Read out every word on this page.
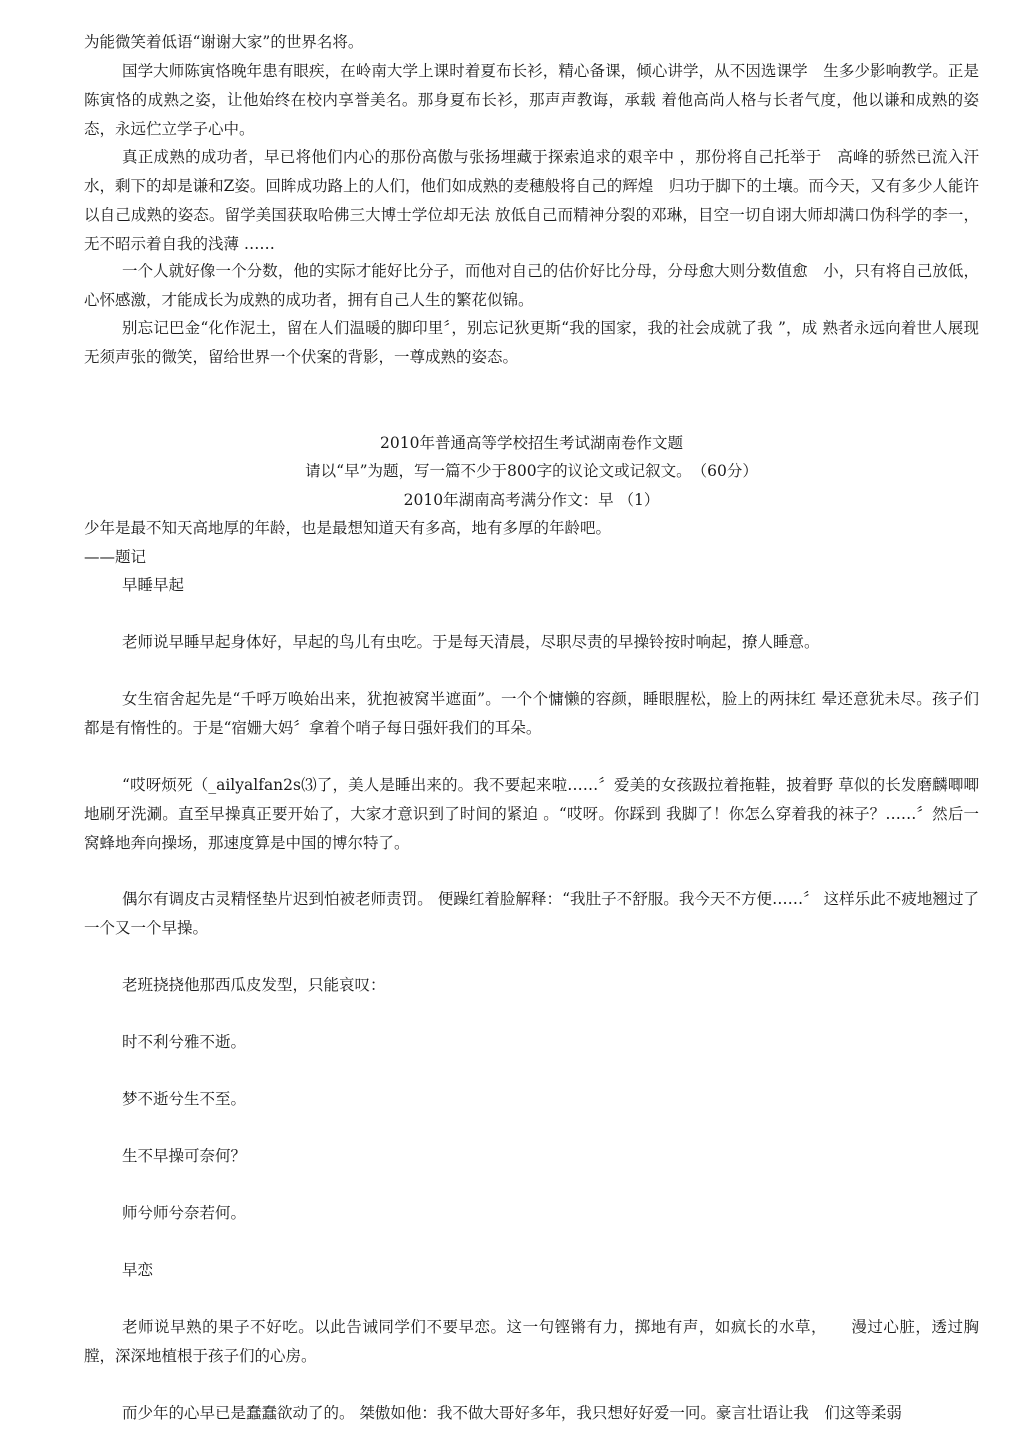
为能微笑着低语“谢谢大家”的世界名将。

国学大师陈寅恪晚年患有眼疾，在岭南大学上课时着夏布长衫，精心备课，倾心讲学，从不因选课学　生多少影响教学。正是陈寅恪的成熟之姿，让他始终在校内享誉美名。那身夏布长衫，那声声教诲，承载 着他高尚人格与长者气度，他以谦和成熟的姿态，永远伫立学子心中。

真正成熟的成功者，早已将他们内心的那份高傲与张扬埋藏于探索追求的艰辛中 ，那份将自己托举于　高峰的骄然已流入汗水，剩下的却是谦和Z姿。回眸成功路上的人们，他们如成熟的麦穗般将自己的辉煌　归功于脚下的土壤。而今天，又有多少人能许以自己成熟的姿态。留学美国获取哈佛三大博士学位却无法 放低自己而精神分裂的邓琳，目空一切自诩大师却满口伪科学的李一，无不昭示着自我的浅薄 ……

一个人就好像一个分数，他的实际才能好比分子，而他对自己的估价好比分母，分母愈大则分数值愈　小，只有将自己放低，心怀感激，才能成长为成熟的成功者，拥有自己人生的繁花似锦。

别忘记巴金“化作泥土，留在人们温暖的脚印里〞，别忘记狄更斯“我的国家，我的社会成就了我 ”，成 熟者永远向着世人展现无须声张的微笑，留给世界一个伏案的背影，一尊成熟的姿态。

2010年普通高等学校招生考试湖南卷作文题

请以“早”为题，写一篇不少于800字的议论文或记叙文。　（60分）

2010年湖南高考满分作文：早 （1）

少年是最不知天高地厚的年龄，也是最想知道天有多高，地有多厚的年龄吧。

——题记

早睡早起

老师说早睡早起身体好，早起的鸟儿有虫吃。于是每天清晨，尽职尽责的早操铃按时响起，撩人睡意。

女生宿舍起先是“千呼万唤始出来，犹抱被窝半遮面”。一个个慵懒的容颜，睡眼腥松，脸上的两抹红 晕还意犹未尽。孩子们都是有惰性的。于是“宿姗大妈〞拿着个哨子每日强奸我们的耳朵。

“哎呀烦死（_ailyalfan2s⑶了，美人是睡出来的。我不要起来啦……〞爱美的女孩趿拉着拖鞋，披着野 草似的长发磨麟唧唧地刷牙洗涮。直至早操真正要开始了，大家才意识到了时间的紧迫 。“哎呀。你踩到 我脚了！你怎么穿着我的袜子？……〞然后一窝蜂地奔向操场，那速度算是中国的博尔特了。

偶尔有调皮古灵精怪垫片迟到怕被老师责罚。 便躁红着脸解释：“我肚子不舒服。我今天不方便……〞 这样乐此不疲地翘过了一个又一个早操。

老班挠挠他那西瓜皮发型，只能哀叹：

时不利兮雅不逝。

梦不逝兮生不至。

生不早操可奈何？

师兮师兮奈若何。

早恋

老师说早熟的果子不好吃。以此告诫同学们不要早恋。这一句铿锵有力，掷地有声，如疯长的水草，　　漫过心脏，透过胸膛，深深地植根于孩子们的心房。

而少年的心早已是蠢蠢欲动了的。 桀傲如他：我不做大哥好多年，我只想好好爱一冋。豪言壮语让我　们这等柔弱
